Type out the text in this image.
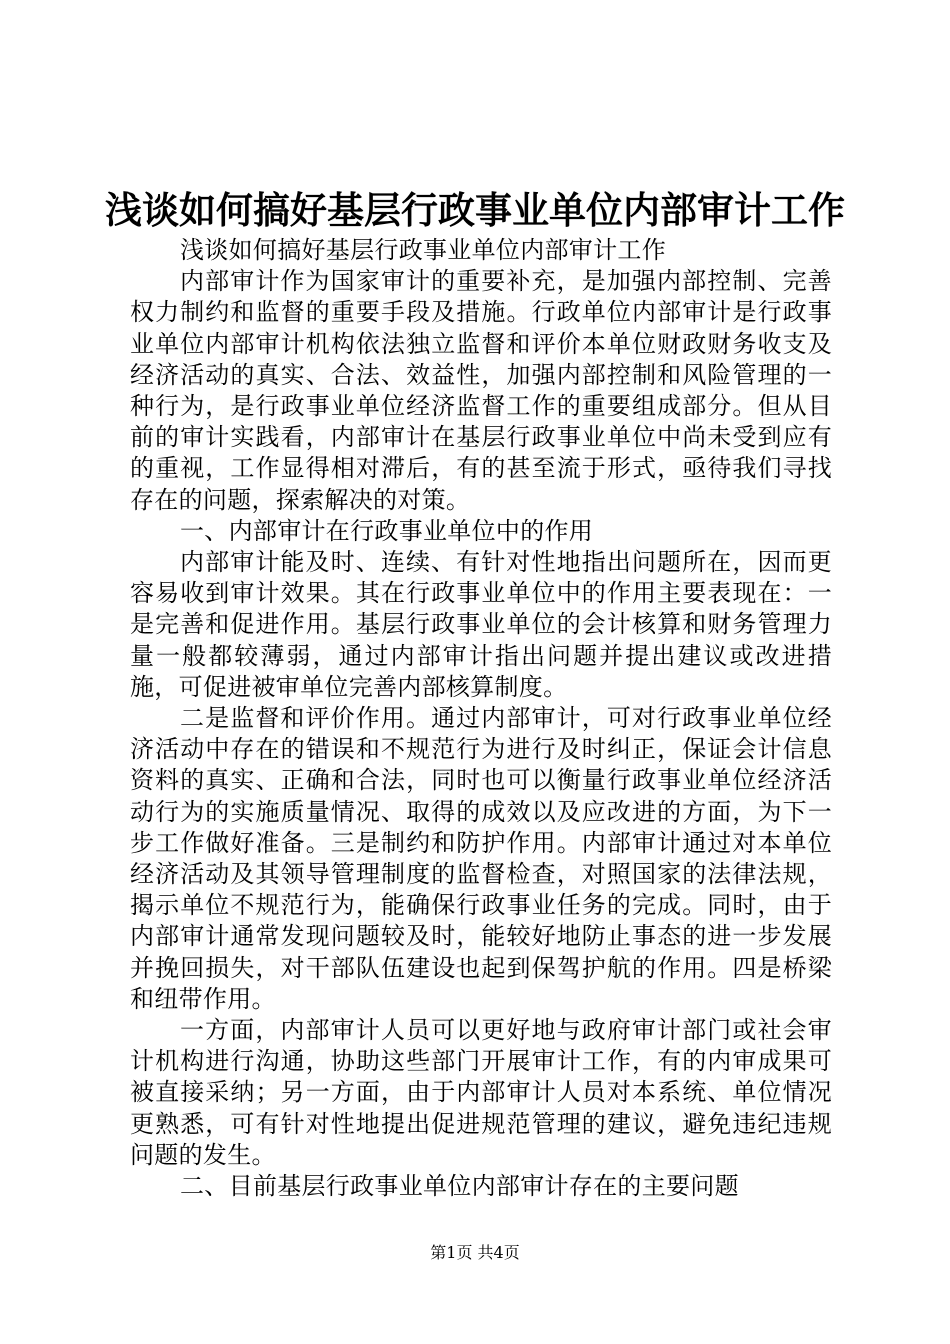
浅谈如何搞好基层行政事业单位内部审计工作

浅谈如何搞好基层行政事业单位内部审计工作

内部审计作为国家审计的重要补充，是加强内部控制、完善权力制约和监督的重要手段及措施。行政单位内部审计是行政事业单位内部审计机构依法独立监督和评价本单位财政财务收支及经济活动的真实、合法、效益性，加强内部控制和风险管理的一种行为，是行政事业单位经济监督工作的重要组成部分。但从目前的审计实践看，内部审计在基层行政事业单位中尚未受到应有的重视，工作显得相对滞后，有的甚至流于形式，亟待我们寻找存在的问题，探索解决的对策。

一、内部审计在行政事业单位中的作用

内部审计能及时、连续、有针对性地指出问题所在，因而更容易收到审计效果。其在行政事业单位中的作用主要表现在：一是完善和促进作用。基层行政事业单位的会计核算和财务管理力量一般都较薄弱，通过内部审计指出问题并提出建议或改进措施，可促进被审单位完善内部核算制度。

二是监督和评价作用。通过内部审计，可对行政事业单位经济活动中存在的错误和不规范行为进行及时纠正，保证会计信息资料的真实、正确和合法，同时也可以衡量行政事业单位经济活动行为的实施质量情况、取得的成效以及应改进的方面，为下一步工作做好准备。三是制约和防护作用。内部审计通过对本单位经济活动及其领导管理制度的监督检查，对照国家的法律法规，揭示单位不规范行为，能确保行政事业任务的完成。同时，由于内部审计通常发现问题较及时，能较好地防止事态的进一步发展并挽回损失，对干部队伍建设也起到保驾护航的作用。四是桥梁和纽带作用。

一方面，内部审计人员可以更好地与政府审计部门或社会审计机构进行沟通，协助这些部门开展审计工作，有的内审成果可被直接采纳；另一方面，由于内部审计人员对本系统、单位情况更熟悉，可有针对性地提出促进规范管理的建议，避免违纪违规问题的发生。

二、目前基层行政事业单位内部审计存在的主要问题

第1页 共4页
